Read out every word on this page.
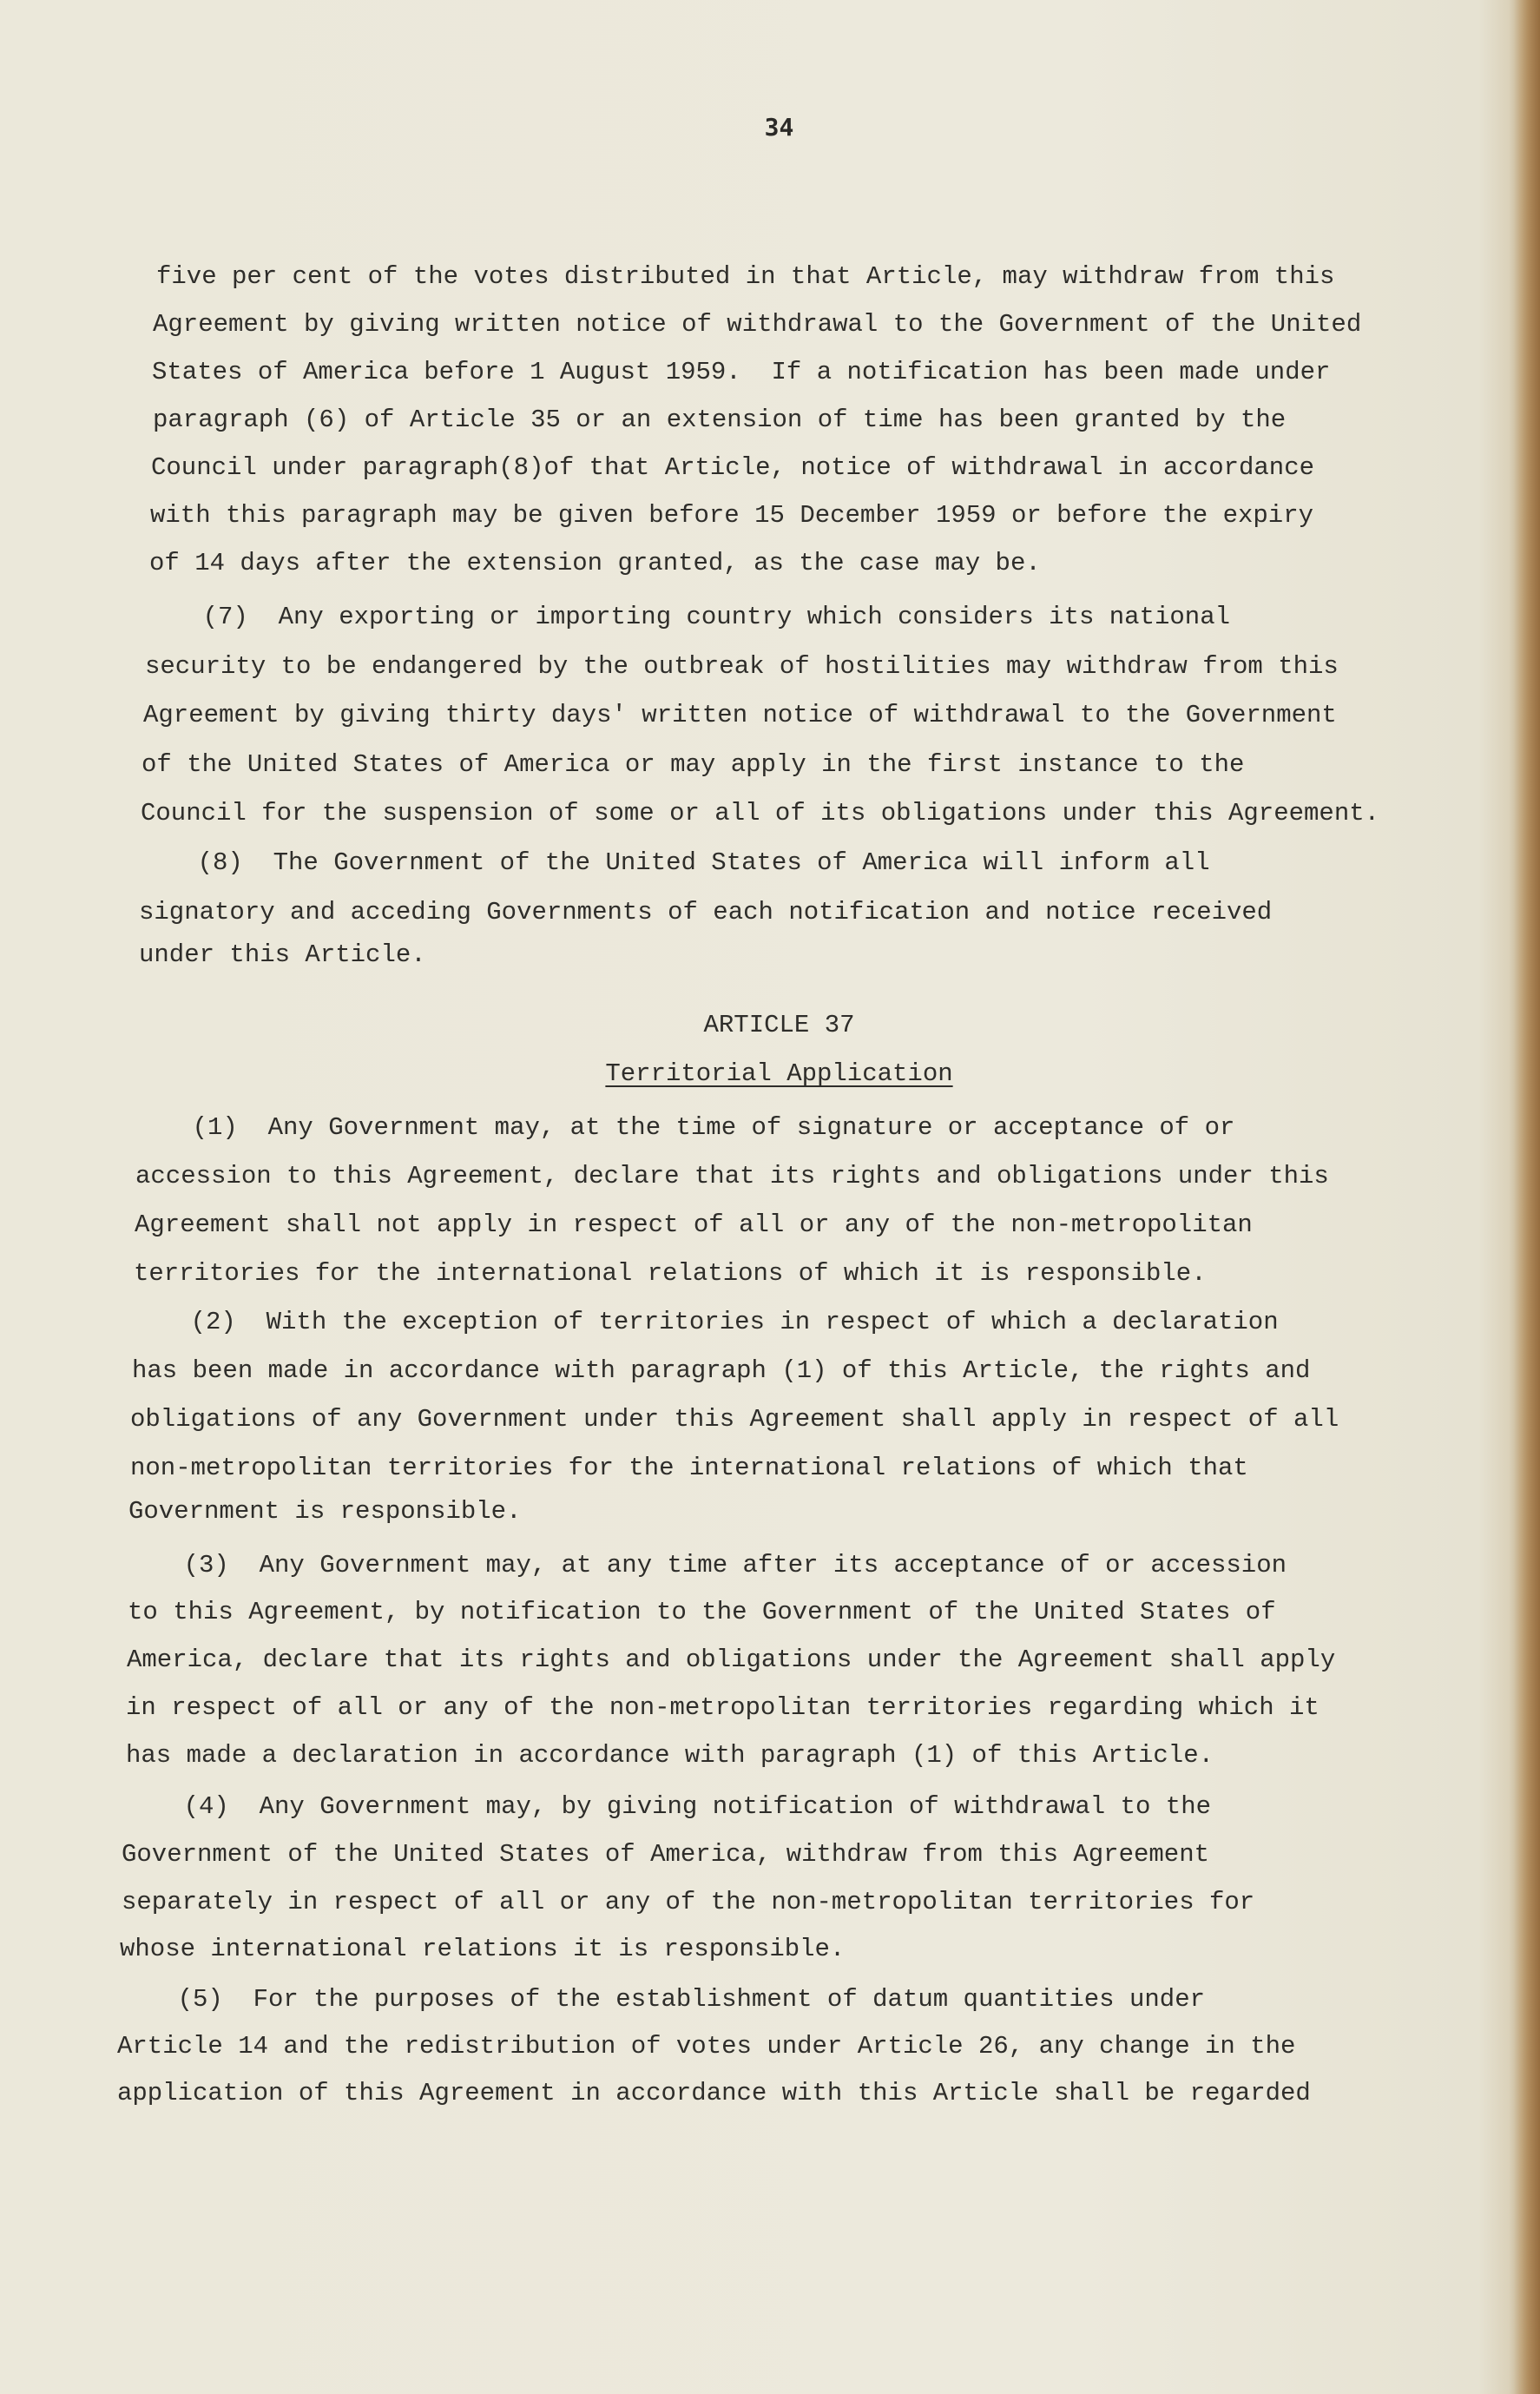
34
five per cent of the votes distributed in that Article, may withdraw from this
Agreement by giving written notice of withdrawal to the Government of the United
States of America before 1 August 1959.  If a notification has been made under
paragraph (6) of Article 35 or an extension of time has been granted by the
Council under paragraph(8)of that Article, notice of withdrawal in accordance
with this paragraph may be given before 15 December 1959 or before the expiry
of 14 days after the extension granted, as the case may be.
(7)  Any exporting or importing country which considers its national
security to be endangered by the outbreak of hostilities may withdraw from this
Agreement by giving thirty days' written notice of withdrawal to the Government
of the United States of America or may apply in the first instance to the
Council for the suspension of some or all of its obligations under this Agreement.
(8)  The Government of the United States of America will inform all
signatory and acceding Governments of each notification and notice received
under this Article.
ARTICLE 37
Territorial Application
(1)  Any Government may, at the time of signature or acceptance of or
accession to this Agreement, declare that its rights and obligations under this
Agreement shall not apply in respect of all or any of the non-metropolitan
territories for the international relations of which it is responsible.
(2)  With the exception of territories in respect of which a declaration
has been made in accordance with paragraph (1) of this Article, the rights and
obligations of any Government under this Agreement shall apply in respect of all
non-metropolitan territories for the international relations of which that
Government is responsible.
(3)  Any Government may, at any time after its acceptance of or accession
to this Agreement, by notification to the Government of the United States of
America, declare that its rights and obligations under the Agreement shall apply
in respect of all or any of the non-metropolitan territories regarding which it
has made a declaration in accordance with paragraph (1) of this Article.
(4)  Any Government may, by giving notification of withdrawal to the
Government of the United States of America, withdraw from this Agreement
separately in respect of all or any of the non-metropolitan territories for
whose international relations it is responsible.
(5)  For the purposes of the establishment of datum quantities under
Article 14 and the redistribution of votes under Article 26, any change in the
application of this Agreement in accordance with this Article shall be regarded
